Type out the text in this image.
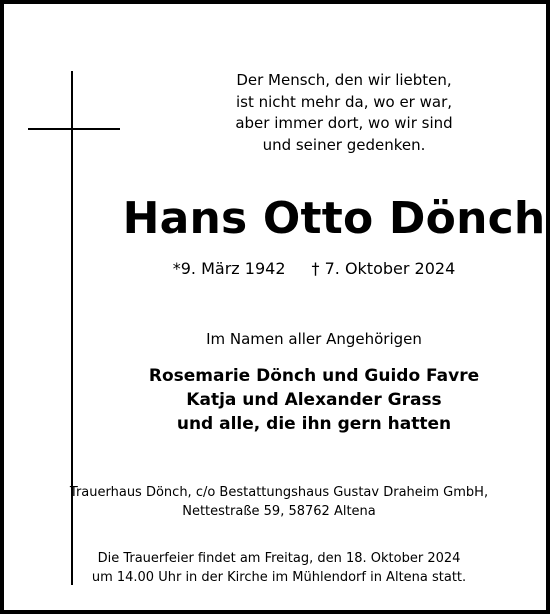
Der Mensch, den wir liebten,
ist nicht mehr da, wo er war,
aber immer dort, wo wir sind
und seiner gedenken.
Hans Otto Dönch
*9. März 1942 † 7. Oktober 2024
Im Namen aller Angehörigen
Rosemarie Dönch und Guido Favre
Katja und Alexander Grass
und alle, die ihn gern hatten
Trauerhaus Dönch, c/o Bestattungshaus Gustav Draheim GmbH,
Nettestraße 59, 58762 Altena
Die Trauerfeier findet am Freitag, den 18. Oktober 2024
um 14.00 Uhr in der Kirche im Mühlendorf in Altena statt.
